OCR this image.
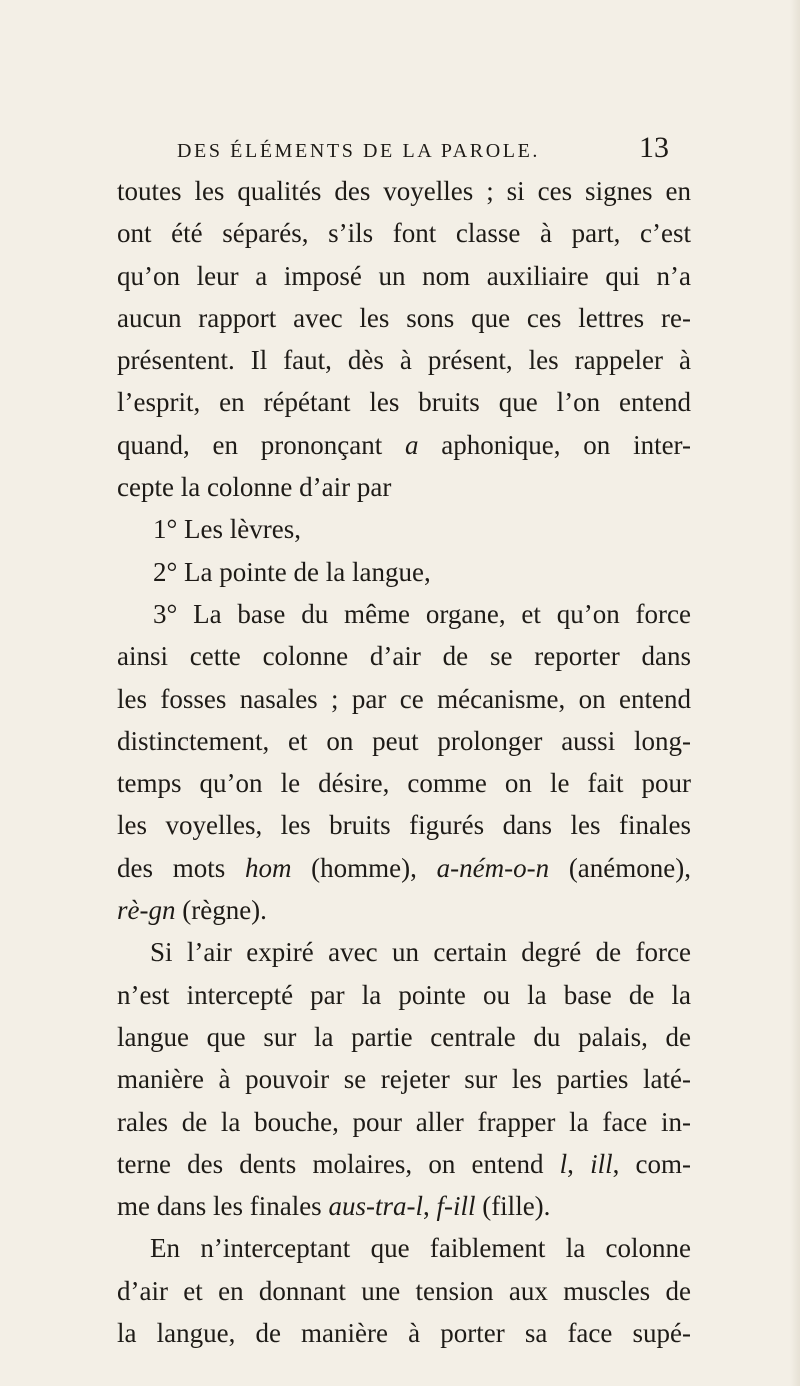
DES ÉLÉMENTS DE LA PAROLE.	13
toutes les qualités des voyelles ; si ces signes en
ont été séparés, s’ils font classe à part, c’est
qu’on leur a imposé un nom auxiliaire qui n’a
aucun rapport avec les sons que ces lettres re-
présentent. Il faut, dès à présent, les rappeler à
l’esprit, en répétant les bruits que l’on entend
quand, en prononçant a aphonique, on inter-
cepte la colonne d’air par
1° Les lèvres,
2° La pointe de la langue,
3° La base du même organe, et qu’on force
ainsi cette colonne d’air de se reporter dans
les fosses nasales ; par ce mécanisme, on entend
distinctement, et on peut prolonger aussi long-
temps qu’on le désire, comme on le fait pour
les voyelles, les bruits figurés dans les finales
des mots hom (homme), a-ném-o-n (anémone),
rè-gn (règne).
Si l’air expiré avec un certain degré de force
n’est intercepté par la pointe ou la base de la
langue que sur la partie centrale du palais, de
manière à pouvoir se rejeter sur les parties laté-
rales de la bouche, pour aller frapper la face in-
terne des dents molaires, on entend l, ill, com-
me dans les finales aus-tra-l, f-ill (fille).
En n’interceptant que faiblement la colonne
d’air et en donnant une tension aux muscles de
la langue, de manière à porter sa face supé-
